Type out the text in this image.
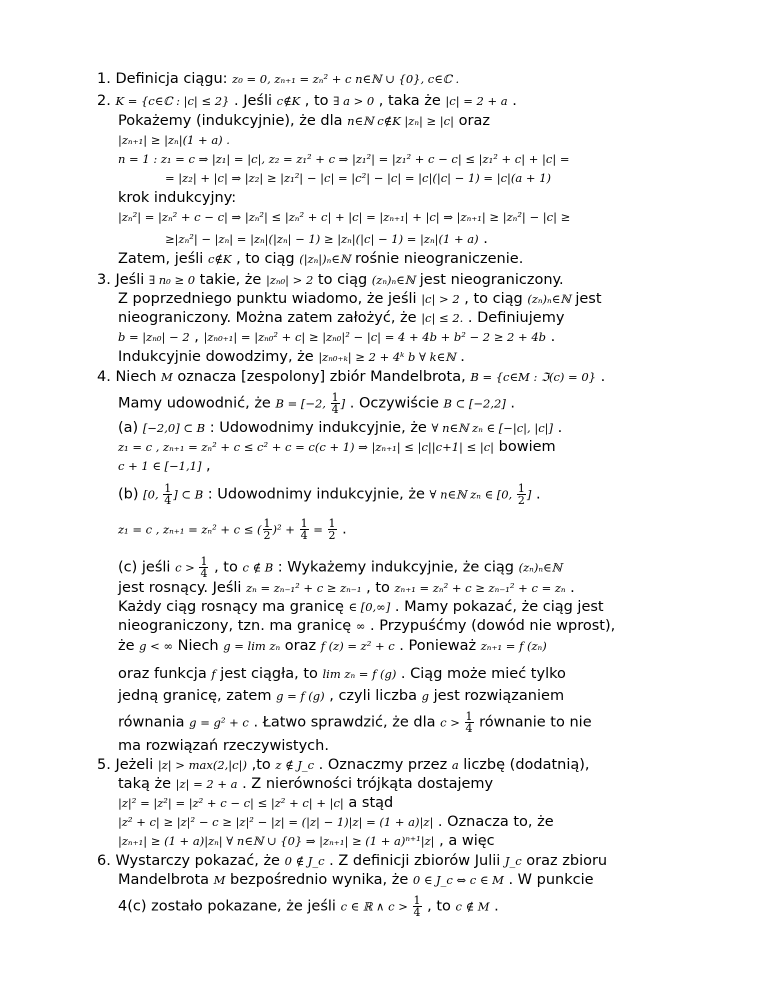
1. Definicja ciągu: z₀ = 0, zₙ₊₁ = zₙ² + c n∈ℕ ∪ {0}, c∈ℂ .
2. K = {c∈ℂ : |c| ≤ 2} . Jeśli c∉K , to ∃ a > 0 , taka że |c| = 2 + a .
Pokażemy (indukcyjnie), że dla n∈ℕ c∉K |zₙ| ≥ |c| oraz
|zₙ₊₁| ≥ |zₙ|(1 + a) .
n = 1 : z₁ = c ⇒ |z₁| = |c|, z₂ = z₁² + c ⇒ |z₁²| = |z₁² + c − c| ≤ |z₁² + c| + |c| =
= |z₂| + |c| ⇒ |z₂| ≥ |z₁²| − |c| = |c²| − |c| = |c|(|c| − 1) = |c|(a + 1)
krok indukcyjny:
|zₙ²| = |zₙ² + c − c| ⇒ |zₙ²| ≤ |zₙ² + c| + |c| = |zₙ₊₁| + |c| ⇒ |zₙ₊₁| ≥ |zₙ²| − |c| ≥
≥|zₙ²| − |zₙ| = |zₙ|(|zₙ| − 1) ≥ |zₙ|(|c| − 1) = |zₙ|(1 + a) .
Zatem, jeśli c∉K , to ciąg (|zₙ|)ₙ∈ℕ rośnie nieograniczenie.
3. Jeśli ∃ n₀ ≥ 0 takie, że |zₙ₀| > 2 to ciąg (zₙ)ₙ∈ℕ jest nieograniczony.
Z poprzedniego punktu wiadomo, że jeśli |c| > 2 , to ciąg (zₙ)ₙ∈ℕ jest
nieograniczony. Można zatem założyć, że |c| ≤ 2. . Definiujemy
b = |zₙ₀| − 2 , |zₙ₀₊₁| = |zₙ₀² + c| ≥ |zₙ₀|² − |c| = 4 + 4b + b² − 2 ≥ 2 + 4b .
Indukcyjnie dowodzimy, że |zₙ₀₊ₖ| ≥ 2 + 4ᵏ b ∀ k∈ℕ .
4. Niech M oznacza [zespolony] zbiór Mandelbrota, B = {c∈M : ℑ(c) = 0} .
Mamy udowodnić, że B = [−2, $\frac{1}{4}$ ] . Oczywiście B ⊂ [−2,2] .
(a) [−2,0] ⊂ B : Udowodnimy indukcyjnie, że ∀ n∈ℕ zₙ ∈ [−|c|, |c|] .
z₁ = c , zₙ₊₁ = zₙ² + c ≤ c² + c = c(c + 1) ⇒ |zₙ₊₁| ≤ |c||c+1| ≤ |c| bowiem
c + 1 ∈ [−1,1] ,
(b) [0, $\frac{1}{4}$ ] ⊂ B : Udowodnimy indukcyjnie, że ∀ n∈ℕ zₙ ∈ [0, $\frac{1}{2}$ ] .
z₁ = c , zₙ₊₁ = zₙ² + c ≤ ( $\frac{1}{2} )^2 + \frac{1}{4} = \frac{1}{2}$ .
(c) jeśli $c > \frac{1}{4}$ , to c ∉ B : Wykażemy indukcyjnie, że ciąg (zₙ)ₙ∈ℕ
jest rosnący. Jeśli zₙ = zₙ₋₁² + c ≥ zₙ₋₁ , to zₙ₊₁ = zₙ² + c ≥ zₙ₋₁² + c = zₙ .
Każdy ciąg rosnący ma granicę ∈ [0,∞] . Mamy pokazać, że ciąg jest
nieograniczony, tzn. ma granicę ∞ . Przypuśćmy (dowód nie wprost),
że g < ∞ Niech g = lim zₙ oraz f (z) = z² + c . Ponieważ zₙ₊₁ = f (zₙ)
oraz funkcja f jest ciągła, to lim zₙ = f (g) . Ciąg może mieć tylko
jedną granicę, zatem g = f (g) , czyli liczba g jest rozwiązaniem
równania g = g² + c . Łatwo sprawdzić, że dla $c > \frac{1}{4}$ równanie to nie
ma rozwiązań rzeczywistych.
5. Jeżeli |z| > max(2,|c|) ,to z ∉ J_c . Oznaczmy przez a liczbę (dodatnią),
taką że |z| = 2 + a . Z nierówności trójkąta dostajemy
|z|² = |z²| = |z² + c − c| ≤ |z² + c| + |c| a stąd
|z² + c| ≥ |z|² − c ≥ |z|² − |z| = (|z| − 1)|z| = (1 + a)|z| . Oznacza to, że
|zₙ₊₁| ≥ (1 + a)|zₙ| ∀ n∈ℕ ∪ {0} ⇒ |zₙ₊₁| ≥ (1 + a)ⁿ⁺¹|z| , a więc
6. Wystarczy pokazać, że 0 ∉ J_c . Z definicji zbiorów Julii J_c oraz zbioru
Mandelbrota M bezpośrednio wynika, że 0 ∈ J_c ⇔ c ∈ M . W punkcie
4(c) zostało pokazane, że jeśli c ∈ ℝ ∧ $c > \frac{1}{4}$ , to c ∉ M .
